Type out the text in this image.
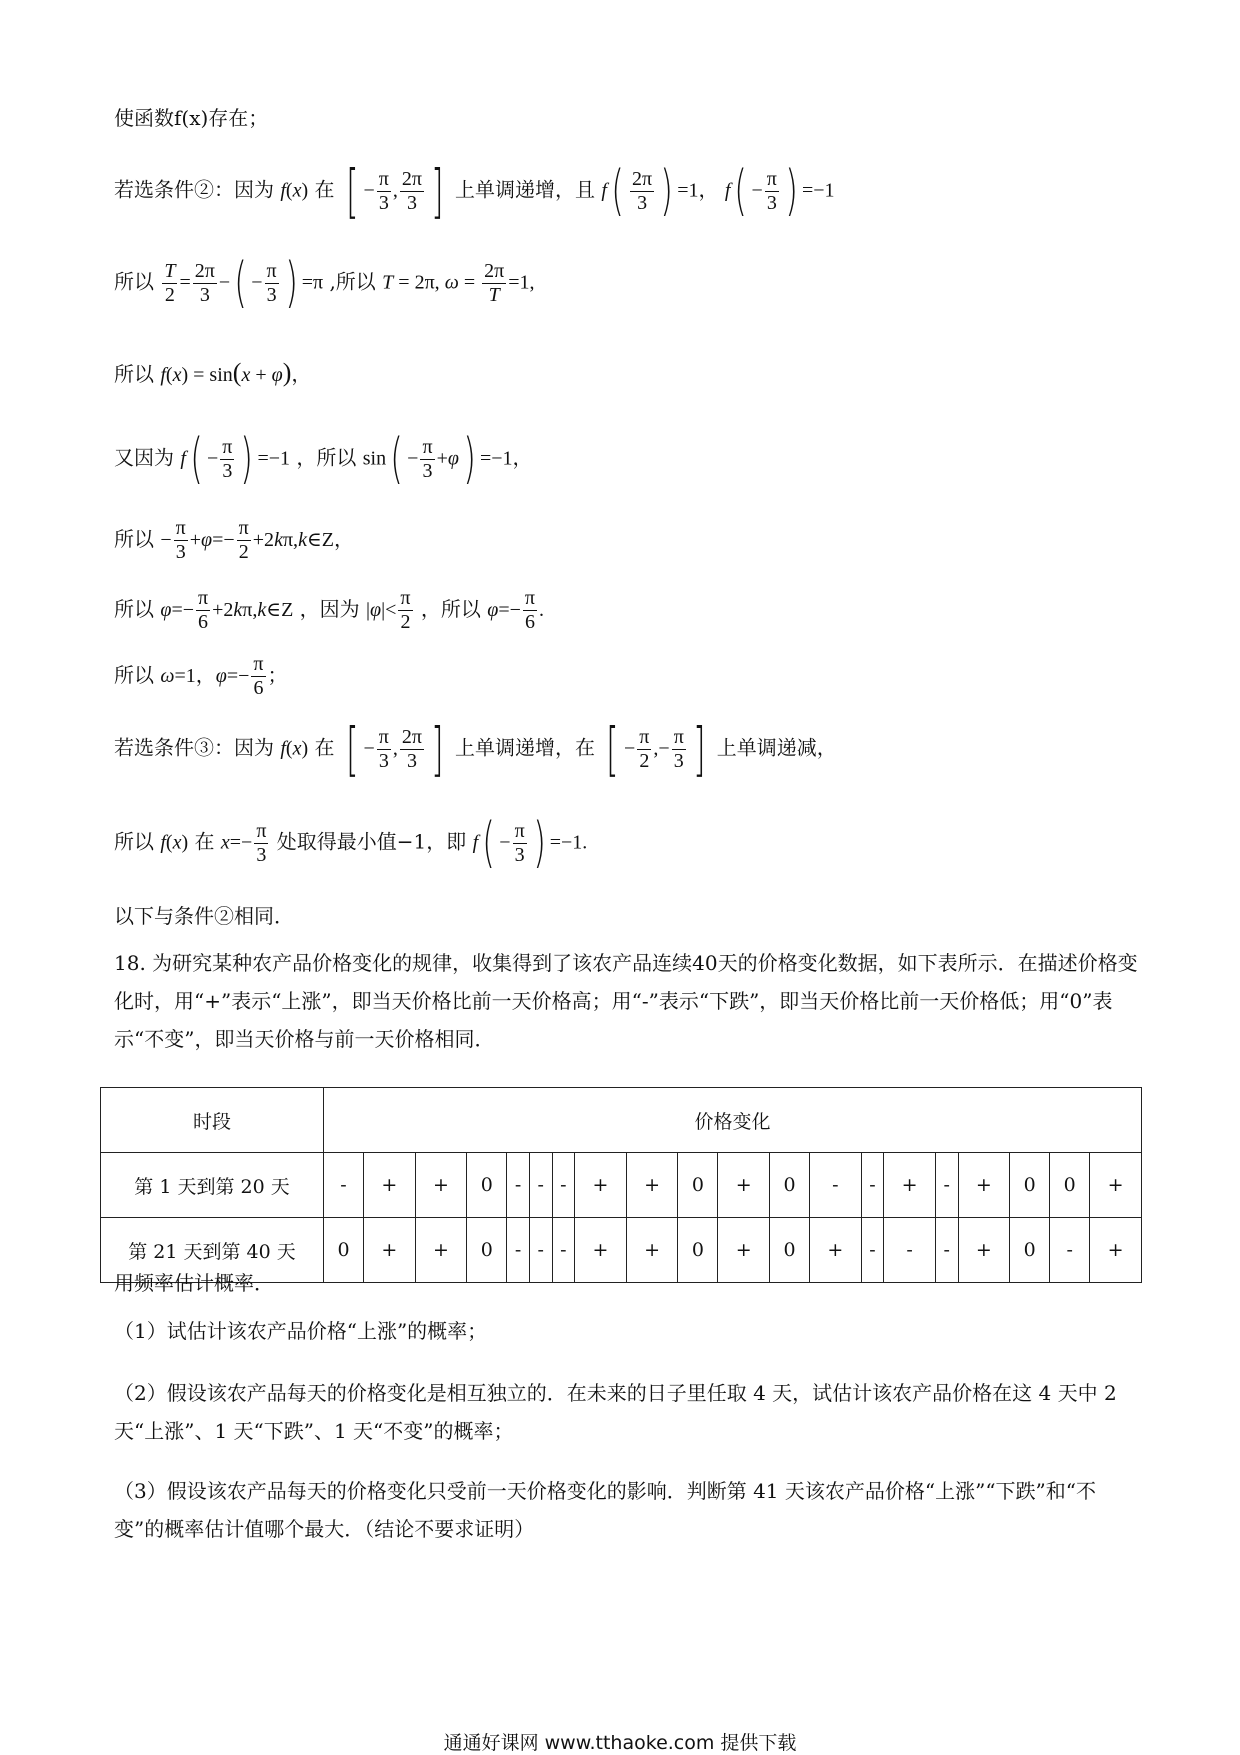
使函数f(x)存在；
若选条件②：因为 f(x) 在 [ − $\frac{\pi}{3}$ , $\frac{2\pi}{3}$ ] 上单调递增，且 $f( \frac{2\pi}{3}$ ) =1， $f( - \frac{\pi}{3}$ ) =−1
所以 $\frac{T}{2} = \frac{2\pi}{3}$ −( − $\frac{\pi}{3}$ ) =π ,所以 T = 2π, $\omega = \frac{2\pi}{T} =1$,
所以 f(x) = sin(x + φ)，
又因为 $f( - \frac{\pi}{3}$ ) =−1 ，所以 $\sin( - \frac{\pi}{3} +\varphi) =-1$，
所以 − $\frac{\pi}{3} +\varphi=- \frac{\pi}{2}$ +2kπ,k∈Z，
所以 $\varphi=- \frac{\pi}{6}$ +2kπ,k∈Z ，因为 $|\varphi|< \frac{\pi}{2}$ ，所以 $\varphi=- \frac{\pi}{6}$ .
所以 ω=1，$\varphi=- \frac{\pi}{6}$ ；
若选条件③：因为 f(x) 在 [ − $\frac{\pi}{3}$ , $\frac{2\pi}{3}$ ] 上单调递增，在 [ − $\frac{\pi}{2}$ ,− $\frac{\pi}{3}$ ] 上单调递减，
所以 f(x) 在 $x=- \frac{\pi}{3}$ 处取得最小值−1，即 $f( - \frac{\pi}{3}$ ) =−1.
以下与条件②相同．
18. 为研究某种农产品价格变化的规律，收集得到了该农产品连续40天的价格变化数据，如下表所示．在描述价格变化时，用“+”表示“上涨”，即当天价格比前一天价格高；用“-”表示“下跌”，即当天价格比前一天价格低；用“0”表示“不变”，即当天价格与前一天价格相同．
时段	价格变化																			
第 1 天到第 20 天	-	+	+	0	-	-	-	+	+	0	+	0	-	-	+	-	+	0	0	+
第 21 天到第 40 天	0	+	+	0	-	-	-	+	+	0	+	0	+	-	-	-	+	0	-	+
用频率估计概率．
（1）试估计该农产品价格“上涨”的概率；
（2）假设该农产品每天的价格变化是相互独立的．在未来的日子里任取 4 天，试估计该农产品价格在这 4 天中 2 天“上涨”、1 天“下跌”、1 天“不变”的概率；
（3）假设该农产品每天的价格变化只受前一天价格变化的影响．判断第 41 天该农产品价格“上涨”“下跌”和“不变”的概率估计值哪个最大．（结论不要求证明）
通通好课网 www.tthaoke.com 提供下载
